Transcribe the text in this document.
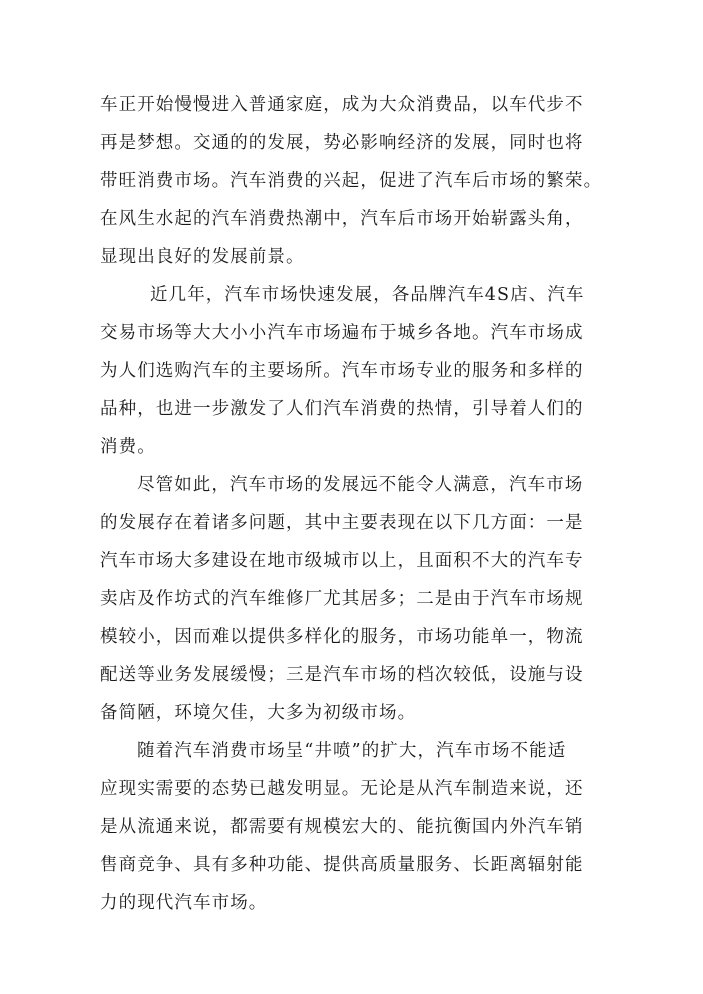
车正开始慢慢进入普通家庭，成为大众消费品，以车代步不

再是梦想。交通的的发展，势必影响经济的发展，同时也将

带旺消费市场。汽车消费的兴起，促进了汽车后市场的繁荣。

在风生水起的汽车消费热潮中，汽车后市场开始崭露头角，

显现出良好的发展前景。

近几年，汽车市场快速发展，各品牌汽车4S店、汽车

交易市场等大大小小汽车市场遍布于城乡各地。汽车市场成

为人们选购汽车的主要场所。汽车市场专业的服务和多样的

品种，也进一步激发了人们汽车消费的热情，引导着人们的

消费。

尽管如此，汽车市场的发展远不能令人满意，汽车市场

的发展存在着诸多问题，其中主要表现在以下几方面：一是

汽车市场大多建设在地市级城市以上，且面积不大的汽车专

卖店及作坊式的汽车维修厂尤其居多；二是由于汽车市场规

模较小，因而难以提供多样化的服务，市场功能单一，物流

配送等业务发展缓慢；三是汽车市场的档次较低，设施与设

备简陋，环境欠佳，大多为初级市场。

随着汽车消费市场呈“井喷”的扩大，汽车市场不能适

应现实需要的态势已越发明显。无论是从汽车制造来说，还

是从流通来说，都需要有规模宏大的、能抗衡国内外汽车销

售商竞争、具有多种功能、提供高质量服务、长距离辐射能

力的现代汽车市场。
